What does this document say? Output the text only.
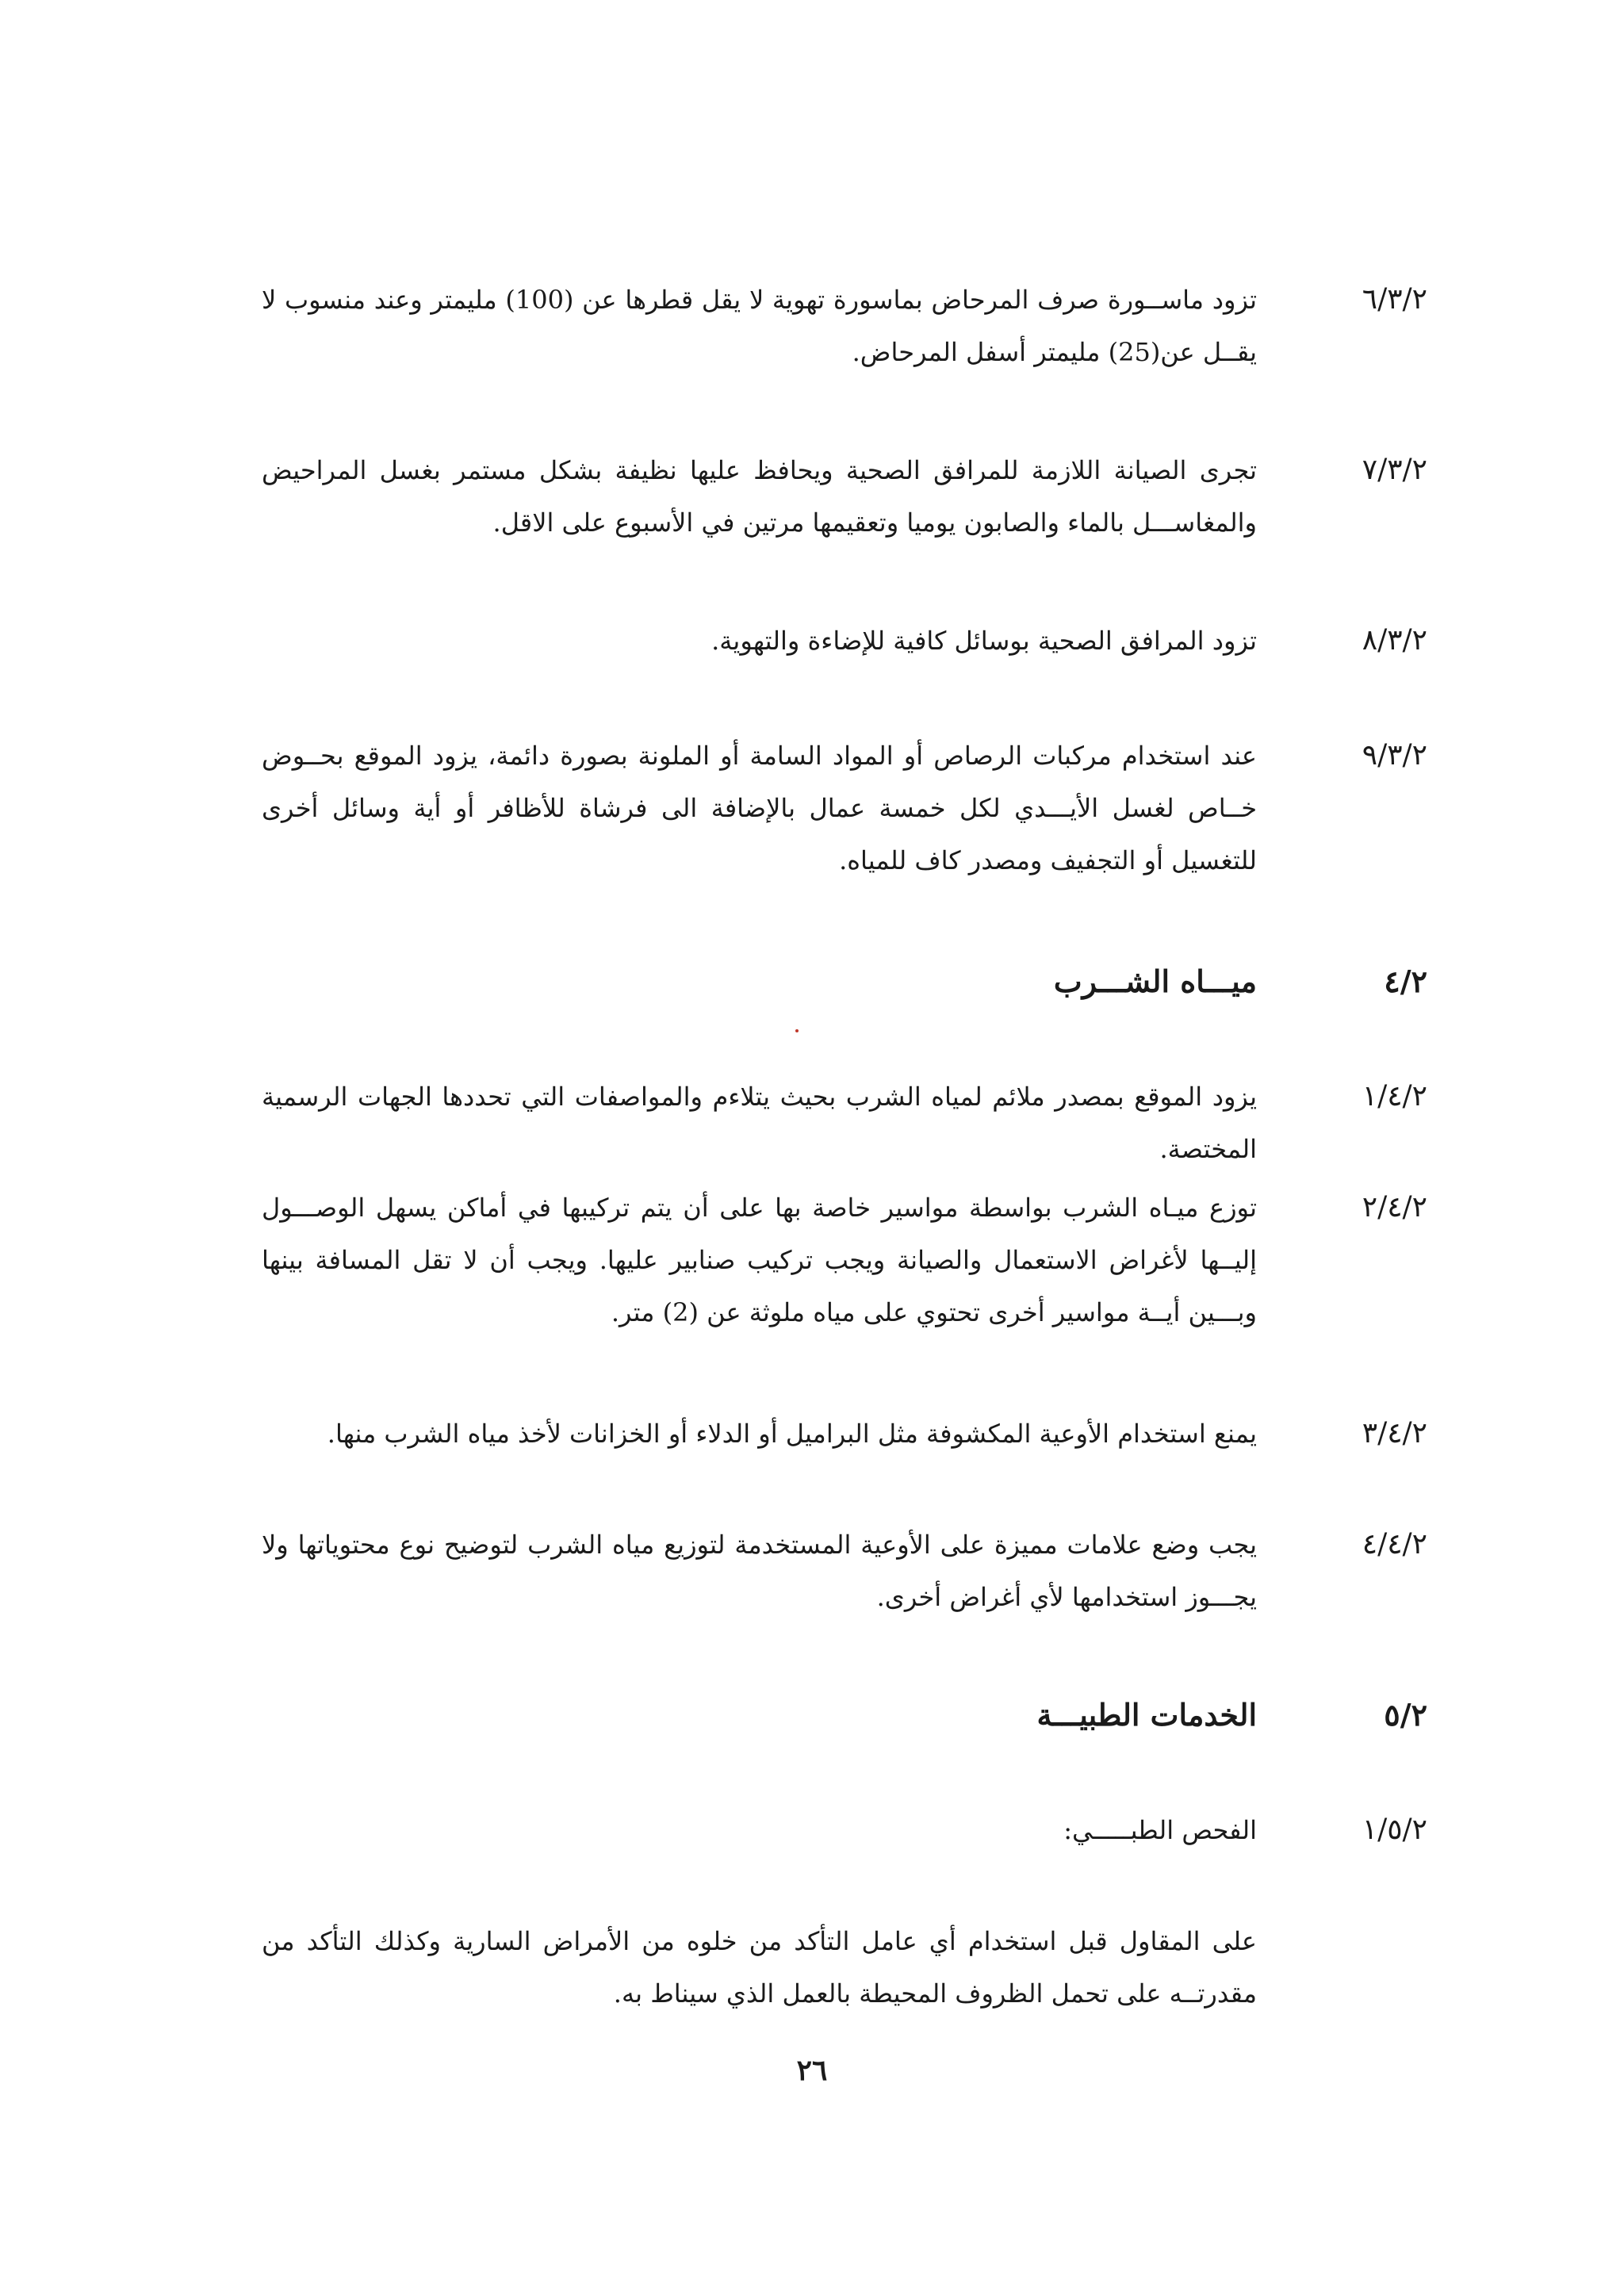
٦/٣/٢
تزود ماســورة صرف المرحاض بماسورة تهوية لا يقل قطرها عن (100) مليمتر وعند منسوب لا يقــل عن(25) مليمتر أسفل المرحاض.
٧/٣/٢
تجرى الصيانة اللازمة للمرافق الصحية ويحافظ عليها نظيفة بشكل مستمر بغسل المراحيض والمغاســـل بالماء والصابون يوميا وتعقيمها مرتين في الأسبوع على الاقل.
٨/٣/٢
تزود المرافق الصحية بوسائل كافية للإضاءة والتهوية.
٩/٣/٢
عند استخدام مركبات الرصاص أو المواد السامة أو الملونة بصورة دائمة، يزود الموقع بحــوض خــاص لغسل الأيـــدي لكل خمسة عمال بالإضافة الى فرشاة للأظافر أو أية وسائل أخرى للتغسيل أو التجفيف ومصدر كاف للمياه.
٤/٢
ميـــاه الشـــرب
١/٤/٢
يزود الموقع بمصدر ملائم لمياه الشرب بحيث يتلاءم والمواصفات التي تحددها الجهات الرسمية المختصة.
٢/٤/٢
توزع ميـاه الشرب بواسطة مواسير خاصة بها على أن يتم تركيبها في أماكن يسهل الوصـــول إليــها لأغراض الاستعمال والصيانة ويجب تركيب صنابير عليها. ويجب أن لا تقل المسافة بينها وبـــين أيــة مواسير أخرى تحتوي على مياه ملوثة عن (2) متر.
٣/٤/٢
يمنع استخدام الأوعية المكشوفة مثل البراميل أو الدلاء أو الخزانات لأخذ مياه الشرب منها.
٤/٤/٢
يجب وضع علامات مميزة على الأوعية المستخدمة لتوزيع مياه الشرب لتوضيح نوع محتوياتها ولا يجـــوز استخدامها لأي أغراض أخرى.
٥/٢
الخدمات الطبيـــة
١/٥/٢
الفحص الطبـــــي:
على المقاول قبل استخدام أي عامل التأكد من خلوه من الأمراض السارية وكذلك التأكد من مقدرتــه على تحمل الظروف المحيطة بالعمل الذي سيناط به.
٢٦
